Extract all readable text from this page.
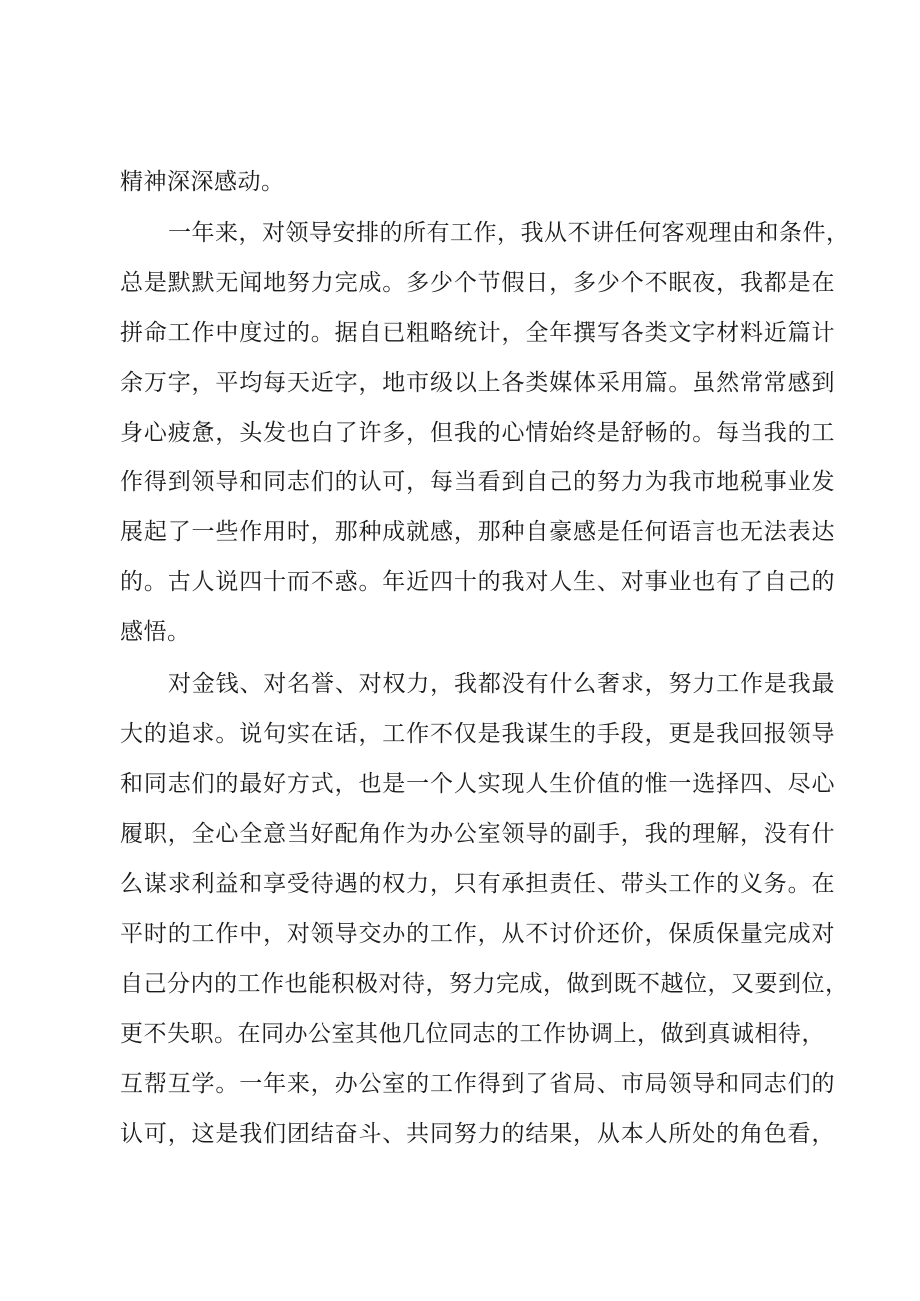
精神深深感动。
一年来，对领导安排的所有工作，我从不讲任何客观理由和条件，
总是默默无闻地努力完成。多少个节假日，多少个不眠夜，我都是在
拼命工作中度过的。据自已粗略统计，全年撰写各类文字材料近篇计
余万字，平均每天近字，地市级以上各类媒体采用篇。虽然常常感到
身心疲惫，头发也白了许多，但我的心情始终是舒畅的。每当我的工
作得到领导和同志们的认可，每当看到自己的努力为我市地税事业发
展起了一些作用时，那种成就感，那种自豪感是任何语言也无法表达
的。古人说四十而不惑。年近四十的我对人生、对事业也有了自己的
感悟。
对金钱、对名誉、对权力，我都没有什么奢求，努力工作是我最
大的追求。说句实在话，工作不仅是我谋生的手段，更是我回报领导
和同志们的最好方式，也是一个人实现人生价值的惟一选择四、尽心
履职，全心全意当好配角作为办公室领导的副手，我的理解，没有什
么谋求利益和享受待遇的权力，只有承担责任、带头工作的义务。在
平时的工作中，对领导交办的工作，从不讨价还价，保质保量完成对
自己分内的工作也能积极对待，努力完成，做到既不越位，又要到位，
更不失职。在同办公室其他几位同志的工作协调上，做到真诚相待，
互帮互学。一年来，办公室的工作得到了省局、市局领导和同志们的
认可，这是我们团结奋斗、共同努力的结果，从本人所处的角色看，
